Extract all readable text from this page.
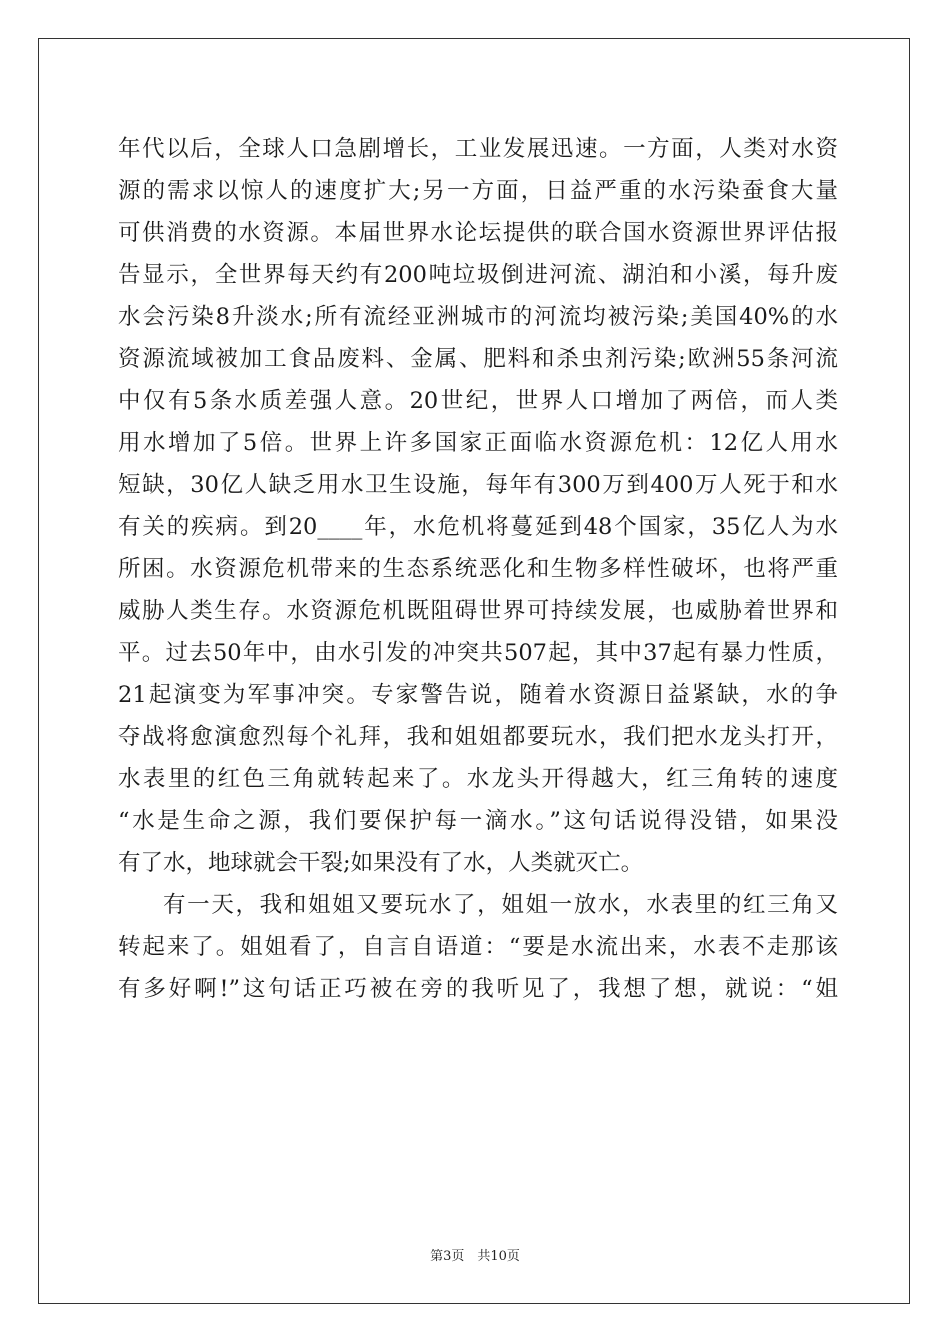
年代以后，全球人口急剧增长，工业发展迅速。一方面，人类对水资
源的需求以惊人的速度扩大;另一方面，日益严重的水污染蚕食大量
可供消费的水资源。本届世界水论坛提供的联合国水资源世界评估报
告显示，全世界每天约有200吨垃圾倒进河流、湖泊和小溪，每升废
水会污染8升淡水;所有流经亚洲城市的河流均被污染;美国40%的水
资源流域被加工食品废料、金属、肥料和杀虫剂污染;欧洲55条河流
中仅有5条水质差强人意。20世纪，世界人口增加了两倍，而人类
用水增加了5倍。世界上许多国家正面临水资源危机：12亿人用水
短缺，30亿人缺乏用水卫生设施，每年有300万到400万人死于和水
有关的疾病。到20____年，水危机将蔓延到48个国家，35亿人为水
所困。水资源危机带来的生态系统恶化和生物多样性破坏，也将严重
威胁人类生存。水资源危机既阻碍世界可持续发展，也威胁着世界和
平。过去50年中，由水引发的冲突共507起，其中37起有暴力性质，
21起演变为军事冲突。专家警告说，随着水资源日益紧缺，水的争
夺战将愈演愈烈每个礼拜，我和姐姐都要玩水，我们把水龙头打开，
水表里的红色三角就转起来了。水龙头开得越大，红三角转的速度
“水是生命之源，我们要保护每一滴水。”这句话说得没错，如果没
有了水，地球就会干裂;如果没有了水，人类就灭亡。
有一天，我和姐姐又要玩水了，姐姐一放水，水表里的红三角又
转起来了。姐姐看了，自言自语道：“要是水流出来，水表不走那该
有多好啊!”这句话正巧被在旁的我听见了，我想了想，就说：“姐
第3页　共10页
